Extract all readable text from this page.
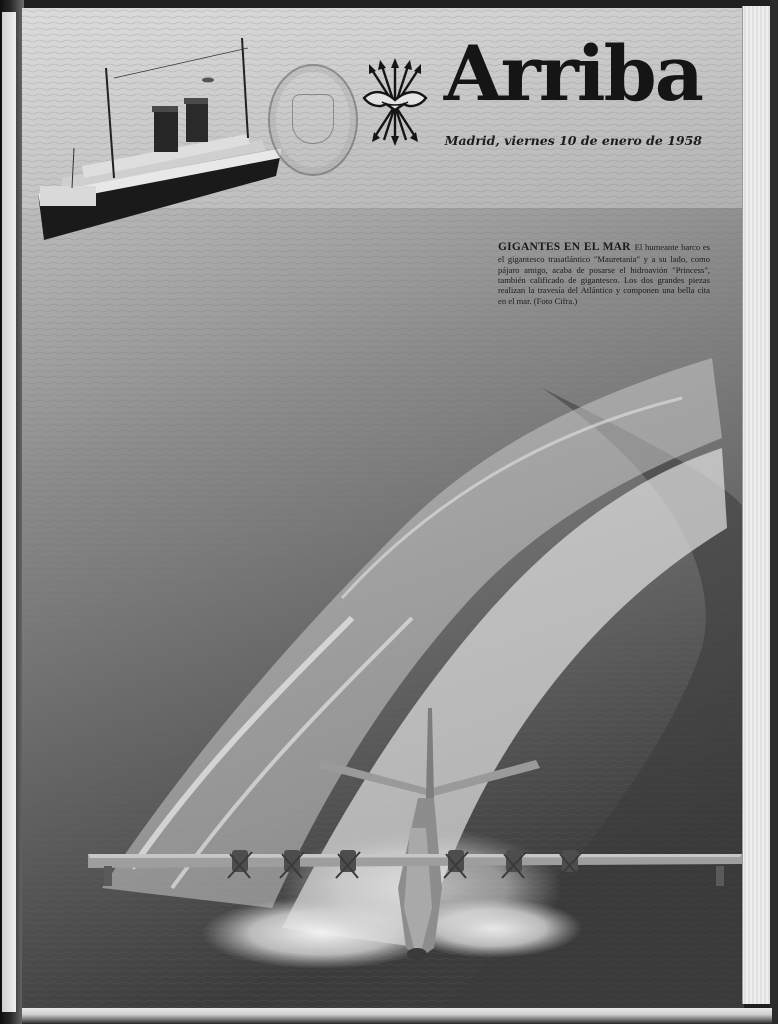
Arriba
Madrid, viernes 10 de enero de 1958
GIGANTES EN EL MAR El humeante barco es el gigantesco trasatlántico "Mauretania" y a su lado, como pájaro amigo, acaba de posarse el hidroavión "Princess", también calificado de gigantesco. Los dos grandes piezas realizan la travesía del Atlántico y componen una bella cita en el mar. (Foto Cifra.)
